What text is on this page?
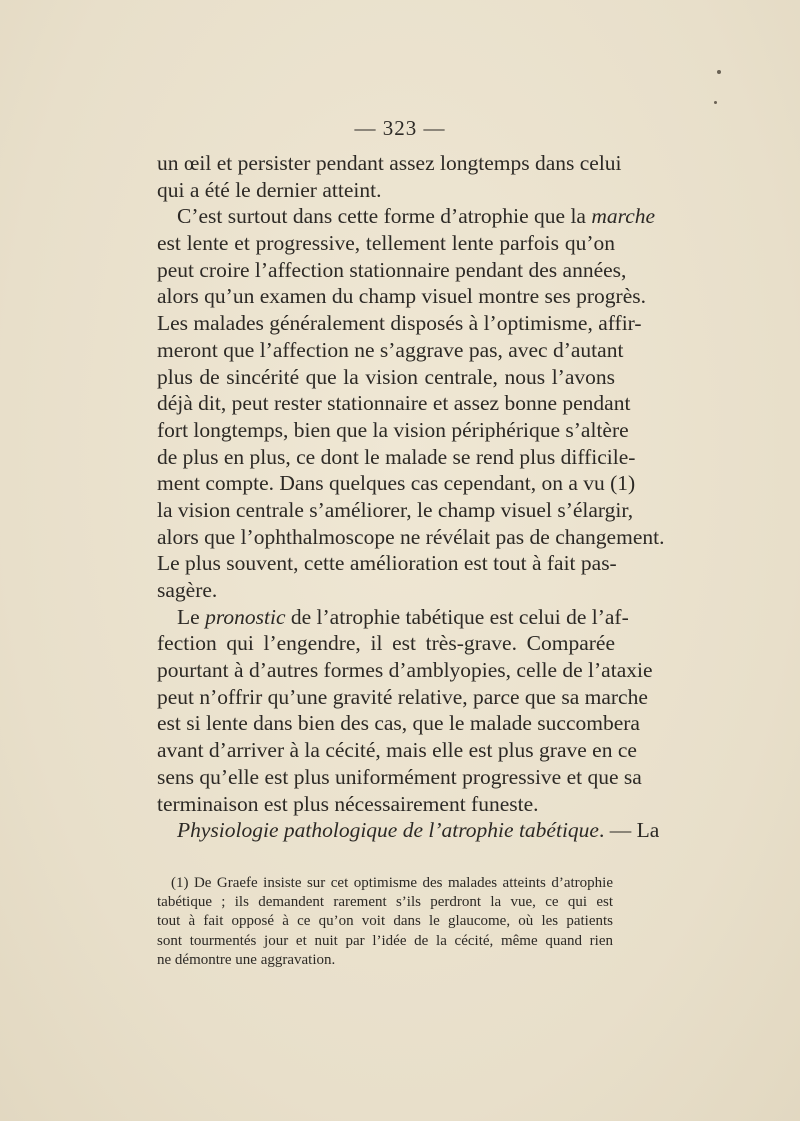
— 323 —
un œil et persister pendant assez longtemps dans celui
qui a été le dernier atteint.
C’est surtout dans cette forme d’atrophie que la marche
est lente et progressive, tellement lente parfois qu’on
peut croire l’affection stationnaire pendant des années,
alors qu’un examen du champ visuel montre ses progrès.
Les malades généralement disposés à l’optimisme, affir-
meront que l’affection ne s’aggrave pas, avec d’autant
plus de sincérité que la vision centrale, nous l’avons
déjà dit, peut rester stationnaire et assez bonne pendant
fort longtemps, bien que la vision périphérique s’altère
de plus en plus, ce dont le malade se rend plus difficile-
ment compte. Dans quelques cas cependant, on a vu (1)
la vision centrale s’améliorer, le champ visuel s’élargir,
alors que l’ophthalmoscope ne révélait pas de changement.
Le plus souvent, cette amélioration est tout à fait pas-
sagère.
Le pronostic de l’atrophie tabétique est celui de l’af-
fection qui l’engendre, il est très-grave. Comparée
pourtant à d’autres formes d’amblyopies, celle de l’ataxie
peut n’offrir qu’une gravité relative, parce que sa marche
est si lente dans bien des cas, que le malade succombera
avant d’arriver à la cécité, mais elle est plus grave en ce
sens qu’elle est plus uniformément progressive et que sa
terminaison est plus nécessairement funeste.
Physiologie pathologique de l’atrophie tabétique. — La
(1) De Graefe insiste sur cet optimisme des malades atteints d’atrophie
tabétique ; ils demandent rarement s’ils perdront la vue, ce qui est
tout à fait opposé à ce qu’on voit dans le glaucome, où les patients
sont tourmentés jour et nuit par l’idée de la cécité, même quand rien
ne démontre une aggravation.
